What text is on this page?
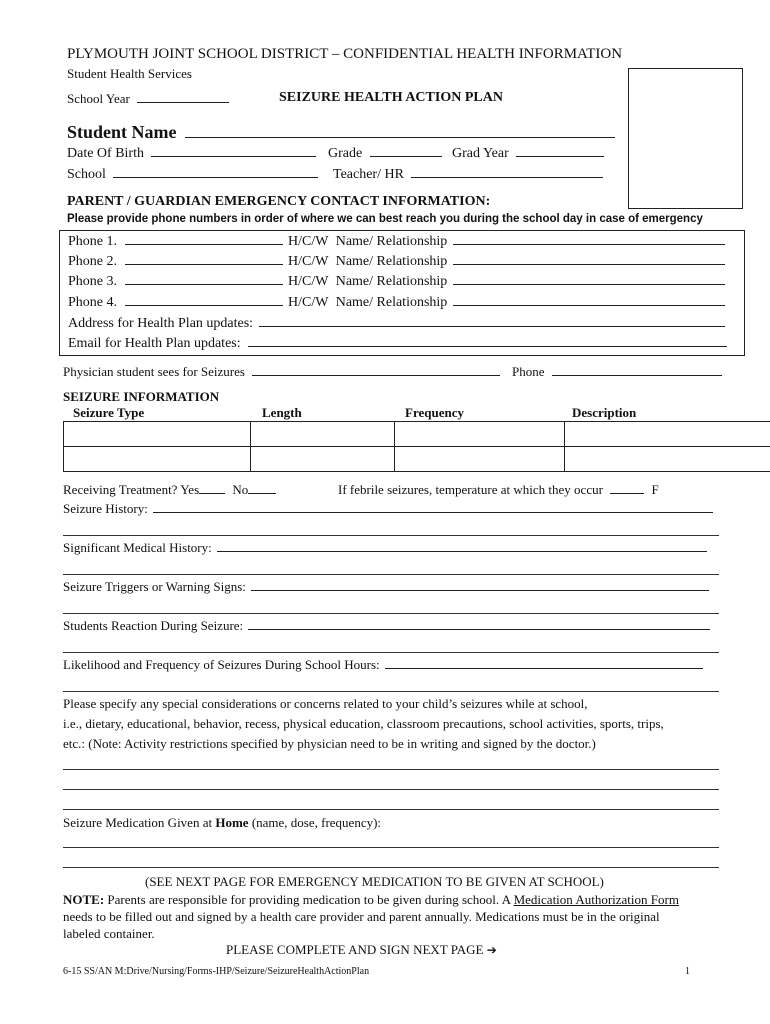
PLYMOUTH JOINT SCHOOL DISTRICT – CONFIDENTIAL HEALTH INFORMATION
Student Health Services
School Year	SEIZURE HEALTH ACTION PLAN
Student Name
Date Of Birth	Grade	Grad Year
School	Teacher/ HR
PARENT / GUARDIAN EMERGENCY CONTACT INFORMATION:
Please provide phone numbers in order of where we can best reach you during the school day in case of emergency
Phone 1.	H/C/W Name/ Relationship
Phone 2.	H/C/W Name/ Relationship
Phone 3.	H/C/W Name/ Relationship
Phone 4.	H/C/W Name/ Relationship
Address for Health Plan updates:
Email for Health Plan updates:
Physician student sees for Seizures	Phone
SEIZURE INFORMATION
Seizure Type	Length	Frequency	Description

Receiving Treatment? Yes	No	If febrile seizures, temperature at which they occur	F
Seizure History:
Significant Medical History:
Seizure Triggers or Warning Signs:
Students Reaction During Seizure:
Likelihood and Frequency of Seizures During School Hours:
Please specify any special considerations or concerns related to your child’s seizures while at school,
i.e., dietary, educational, behavior, recess, physical education, classroom precautions, school activities, sports, trips,
etc.: (Note: Activity restrictions specified by physician need to be in writing and signed by the doctor.)
Seizure Medication Given at Home (name, dose, frequency):
(SEE NEXT PAGE FOR EMERGENCY MEDICATION TO BE GIVEN AT SCHOOL)
NOTE: Parents are responsible for providing medication to be given during school. A Medication Authorization Form
needs to be filled out and signed by a health care provider and parent annually. Medications must be in the original
labeled container.
PLEASE COMPLETE AND SIGN NEXT PAGE ➔
6-15 SS/AN M:Drive/Nursing/Forms-IHP/Seizure/SeizureHealthActionPlan	1
